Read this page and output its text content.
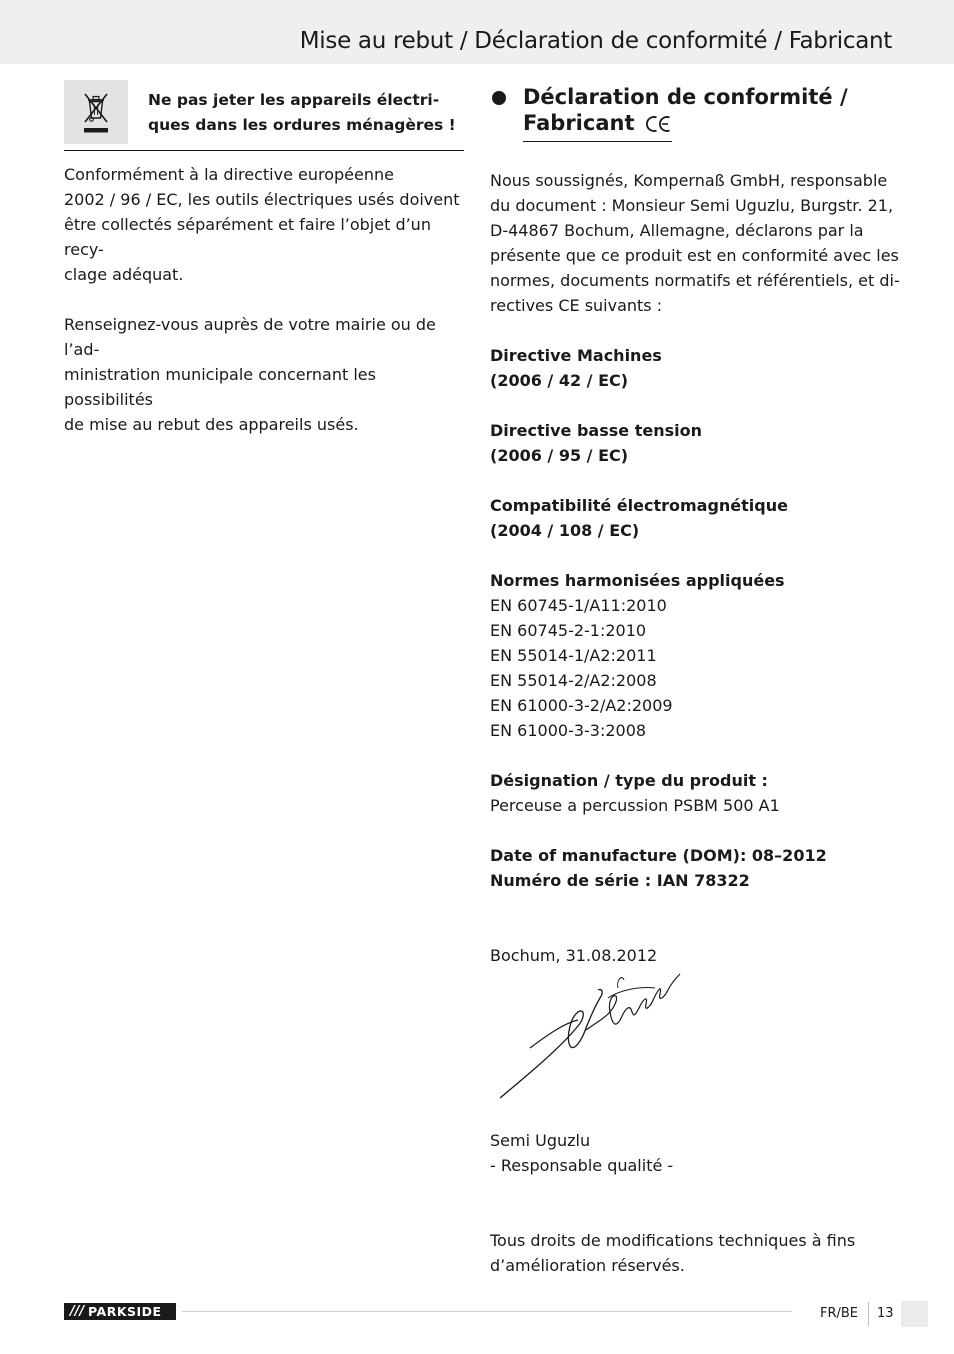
Mise au rebut / Déclaration de conformité / Fabricant
Ne pas jeter les appareils électri-
ques dans les ordures ménagères !

Conformément à la directive européenne
2002 / 96 / EC, les outils électriques usés doivent
être collectés séparément et faire l’objet d’un recy-
clage adéquat.

Renseignez-vous auprès de votre mairie ou de l’ad-
ministration municipale concernant les possibilités
de mise au rebut des appareils usés.

Déclaration de conformité /
Fabricant

Nous soussignés, Kompernaß GmbH, responsable
du document : Monsieur Semi Uguzlu, Burgstr. 21,
D-44867 Bochum, Allemagne, déclarons par la
présente que ce produit est en conformité avec les
normes, documents normatifs et référentiels, et di-
rectives CE suivants :

Directive Machines
(2006 / 42 / EC)

Directive basse tension
(2006 / 95 / EC)

Compatibilité électromagnétique
(2004 / 108 / EC)

Normes harmonisées appliquées
EN 60745-1/A11:2010
EN 60745-2-1:2010
EN 55014-1/A2:2011
EN 55014-2/A2:2008
EN 61000-3-2/A2:2009
EN 61000-3-3:2008

Désignation / type du produit :
Perceuse a percussion PSBM 500 A1

Date of manufacture (DOM): 08–2012
Numéro de série : IAN 78322

Bochum, 31.08.2012

Semi Uguzlu
- Responsable qualité -

Tous droits de modifications techniques à fins
d’amélioration réservés.

/// PARKSIDE	FR/BE 13
